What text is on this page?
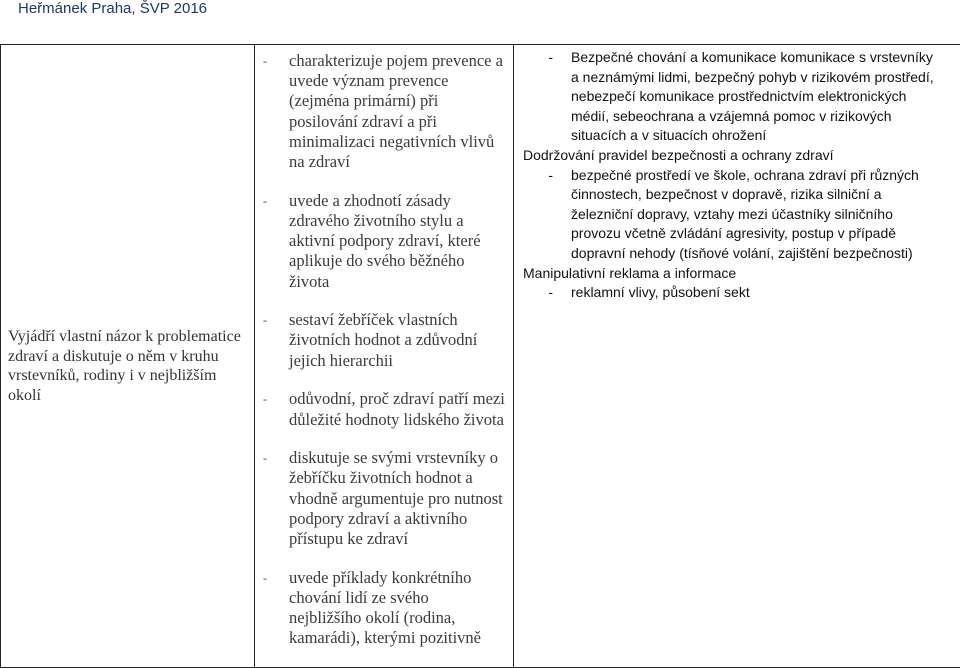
Heřmánek Praha, ŠVP 2016
Vyjádří vlastní názor k problematice zdraví a diskutuje o něm v kruhu vrstevníků, rodiny i v nejbližším okolí

-	charakterizuje pojem prevence a uvede význam prevence (zejména primární) při posilování zdraví a při minimalizaci negativních vlivů na zdraví
-	uvede a zhodnotí zásady zdravého životního stylu a aktivní podpory zdraví, které aplikuje do svého běžného života
-	sestaví žebříček vlastních životních hodnot a zdůvodní jejich hierarchii
-	odůvodní, proč zdraví patří mezi důležité hodnoty lidského života
-	diskutuje se svými vrstevníky o žebříčku životních hodnot a vhodně argumentuje pro nutnost podpory zdraví a aktivního přístupu ke zdraví
-	uvede příklady konkrétního chování lidí ze svého nejbližšího okolí (rodina, kamarádi), kterými pozitivně

-	Bezpečné chování a komunikace komunikace s vrstevníky a neznámými lidmi, bezpečný pohyb v rizikovém prostředí, nebezpečí komunikace prostřednictvím elektronických médií, sebeochrana a vzájemná pomoc v rizikových situacích a v situacích ohrožení
Dodržování pravidel bezpečnosti a ochrany zdraví
-	bezpečné prostředí ve škole, ochrana zdraví při různých činnostech, bezpečnost v dopravě, rizika silniční a železniční dopravy, vztahy mezi účastníky silničního provozu včetně zvládání agresivity, postup v případě dopravní nehody (tísňové volání, zajištění bezpečnosti)
Manipulativní reklama a informace
-	reklamní vlivy, působení sekt
